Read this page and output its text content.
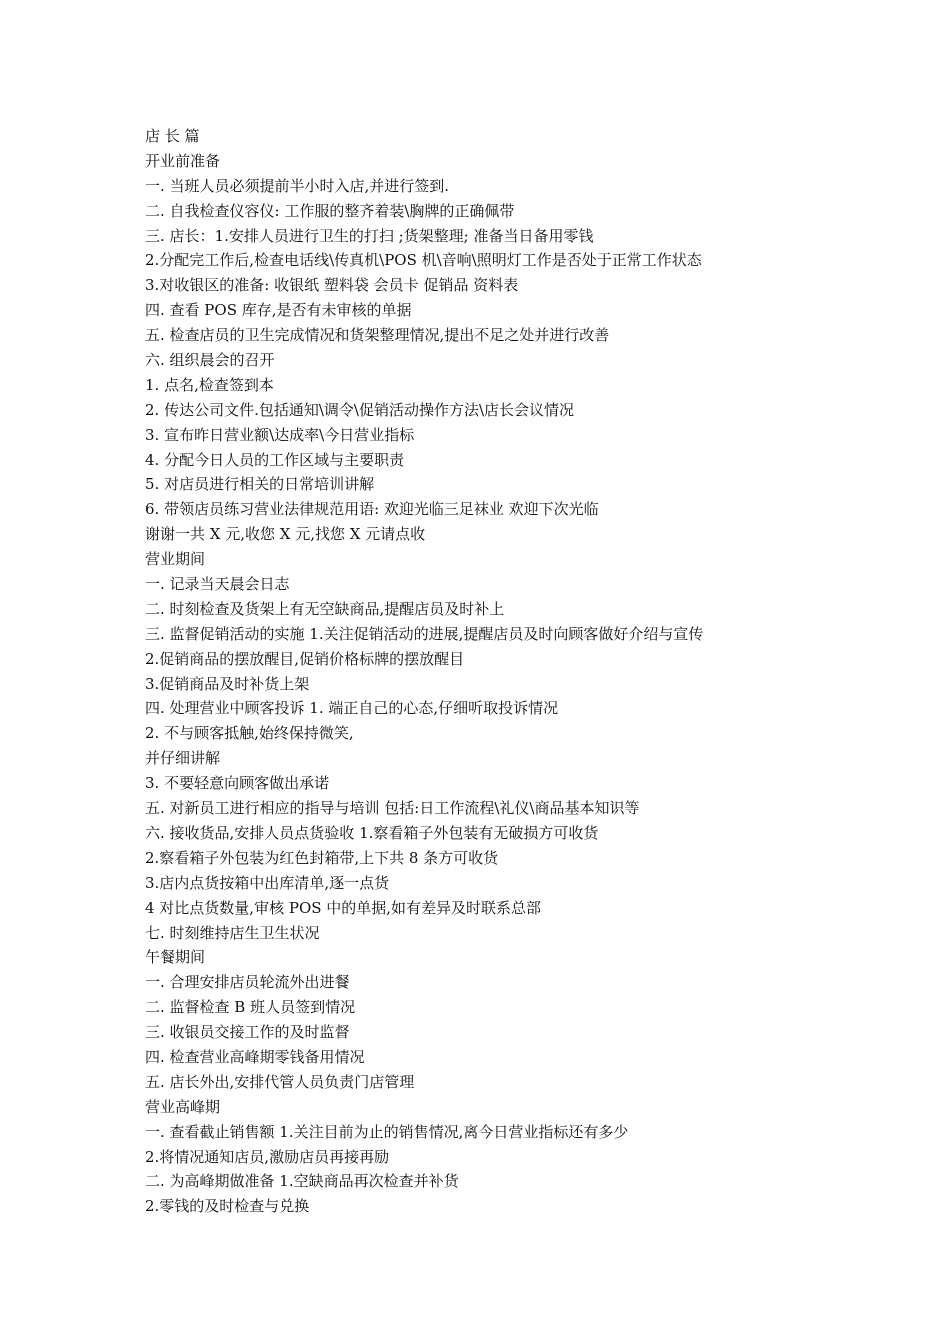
店 长 篇
开业前准备
一. 当班人员必须提前半小时入店,并进行签到.
二. 自我检查仪容仪: 工作服的整齐着装\胸牌的正确佩带
三. 店长：1.安排人员进行卫生的打扫 ;货架整理; 准备当日备用零钱
2.分配完工作后,检查电话线\传真机\POS 机\音响\照明灯工作是否处于正常工作状态
3.对收银区的准备: 收银纸 塑料袋 会员卡 促销品 资料表
四. 查看 POS 库存,是否有未审核的单据
五. 检查店员的卫生完成情况和货架整理情况,提出不足之处并进行改善
六. 组织晨会的召开
1. 点名,检查签到本
2. 传达公司文件.包括通知\调令\促销活动操作方法\店长会议情况
3. 宣布昨日营业额\达成率\今日营业指标
4. 分配今日人员的工作区域与主要职责
5. 对店员进行相关的日常培训讲解
6. 带领店员练习营业法律规范用语: 欢迎光临三足袜业 欢迎下次光临
谢谢一共 X 元,收您 X 元,找您 X 元请点收
营业期间
一. 记录当天晨会日志
二. 时刻检查及货架上有无空缺商品,提醒店员及时补上
三. 监督促销活动的实施 1.关注促销活动的进展,提醒店员及时向顾客做好介绍与宣传
2.促销商品的摆放醒目,促销价格标牌的摆放醒目
3.促销商品及时补货上架
四. 处理营业中顾客投诉 1. 端正自己的心态,仔细听取投诉情况
2. 不与顾客抵触,始终保持微笑,
并仔细讲解
3. 不要轻意向顾客做出承诺
五. 对新员工进行相应的指导与培训 包括:日工作流程\礼仪\商品基本知识等
六. 接收货品,安排人员点货验收 1.察看箱子外包装有无破损方可收货
2.察看箱子外包装为红色封箱带,上下共 8 条方可收货
3.店内点货按箱中出库清单,逐一点货
4 对比点货数量,审核 POS 中的单据,如有差异及时联系总部
七. 时刻维持店生卫生状况
午餐期间
一. 合理安排店员轮流外出进餐
二. 监督检查 B 班人员签到情况
三. 收银员交接工作的及时监督
四. 检查营业高峰期零钱备用情况
五. 店长外出,安排代管人员负责门店管理
营业高峰期
一. 查看截止销售额 1.关注目前为止的销售情况,离今日营业指标还有多少
2.将情况通知店员,激励店员再接再励
二. 为高峰期做准备 1.空缺商品再次检查并补货
2.零钱的及时检查与兑换
